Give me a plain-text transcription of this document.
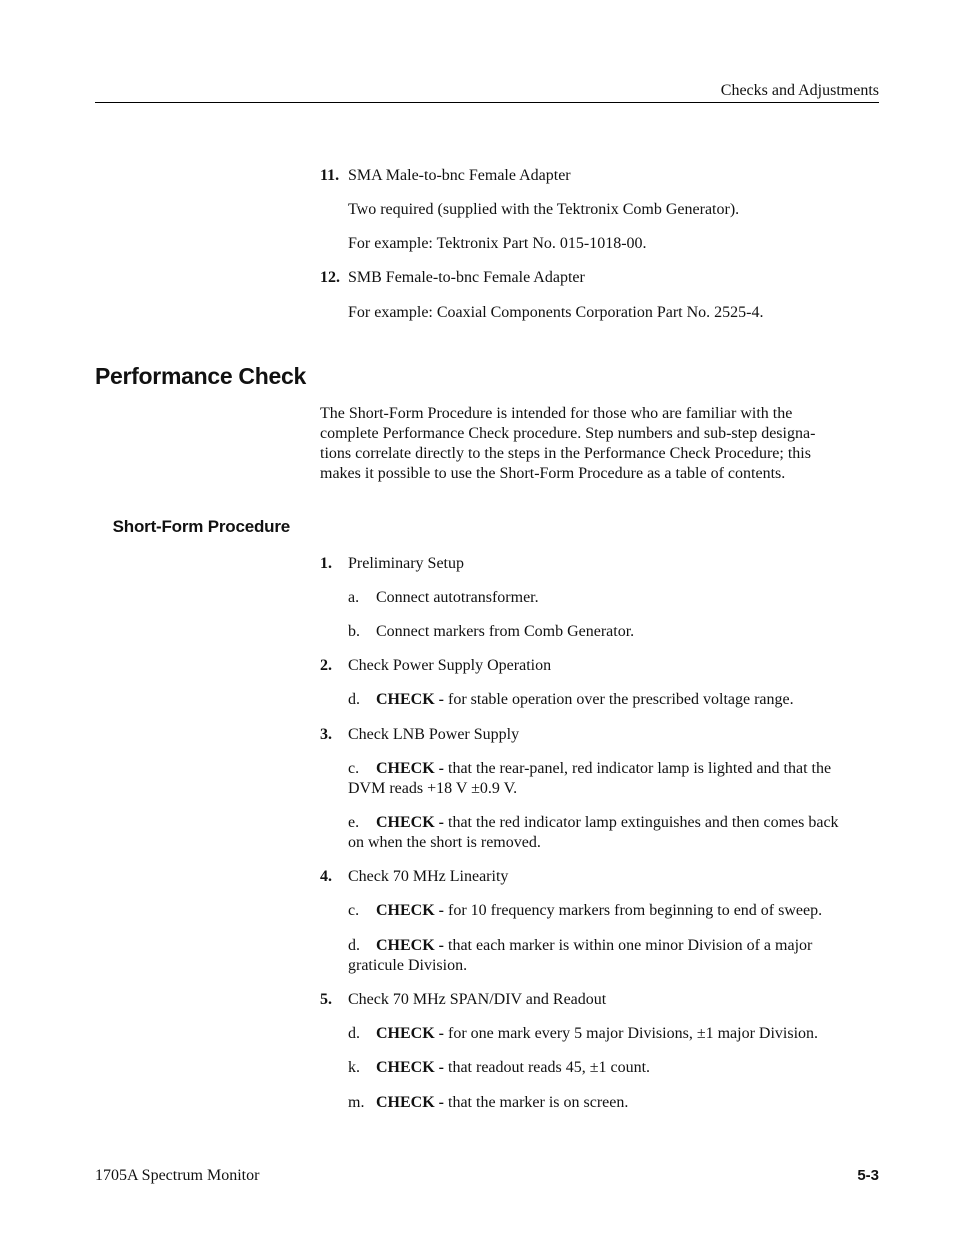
Checks and Adjustments
11. SMA Male-to-bnc Female Adapter
Two required (supplied with the Tektronix Comb Generator).
For example: Tektronix Part No. 015-1018-00.
12. SMB Female-to-bnc Female Adapter
For example: Coaxial Components Corporation Part No. 2525-4.
Performance Check
The Short-Form Procedure is intended for those who are familiar with the
complete Performance Check procedure. Step numbers and sub-step designa-
tions correlate directly to the steps in the Performance Check Procedure; this
makes it possible to use the Short-Form Procedure as a table of contents.
Short-Form Procedure
1. Preliminary Setup
a. Connect autotransformer.
b. Connect markers from Comb Generator.
2. Check Power Supply Operation
d. CHECK - for stable operation over the prescribed voltage range.
3. Check LNB Power Supply
c. CHECK - that the rear-panel, red indicator lamp is lighted and that the
DVM reads +18 V ±0.9 V.
e. CHECK - that the red indicator lamp extinguishes and then comes back
on when the short is removed.
4. Check 70 MHz Linearity
c. CHECK - for 10 frequency markers from beginning to end of sweep.
d. CHECK - that each marker is within one minor Division of a major
graticule Division.
5. Check 70 MHz SPAN/DIV and Readout
d. CHECK - for one mark every 5 major Divisions, ±1 major Division.
k. CHECK - that readout reads 45, ±1 count.
m. CHECK - that the marker is on screen.
1705A Spectrum Monitor	5-3
